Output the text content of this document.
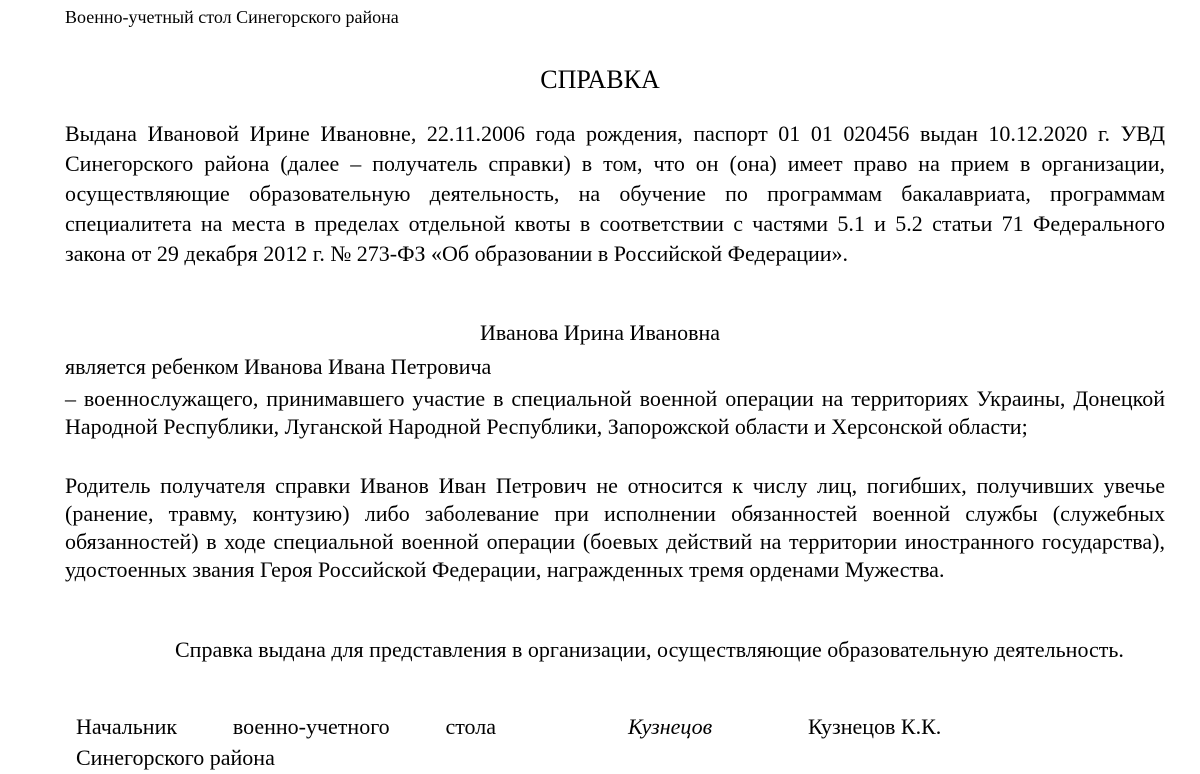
Военно-учетный стол Синегорского района
СПРАВКА
Выдана Ивановой Ирине Ивановне, 22.11.2006 года рождения, паспорт 01 01 020456 выдан 10.12.2020 г. УВД Синегорского района (далее – получатель справки) в том, что он (она) имеет право на прием в организации, осуществляющие образовательную деятельность, на обучение по программам бакалавриата, программам специалитета на места в пределах отдельной квоты в соответствии с частями 5.1 и 5.2 статьи 71 Федерального закона от 29 декабря 2012 г. № 273-ФЗ «Об образовании в Российской Федерации».
Иванова Ирина Ивановна
является ребенком Иванова Ивана Петровича
– военнослужащего, принимавшего участие в специальной военной операции на территориях Украины, Донецкой Народной Республики, Луганской Народной Республики, Запорожской области и Херсонской области;
Родитель получателя справки Иванов Иван Петрович не относится к числу лиц, погибших, получивших увечье (ранение, травму, контузию) либо заболевание при исполнении обязанностей военной службы (служебных обязанностей) в ходе специальной военной операции (боевых действий на территории иностранного государства), удостоенных звания Героя Российской Федерации, награжденных тремя орденами Мужества.
Справка выдана для представления в организации, осуществляющие образовательную деятельность.
Начальник военно-учетного стола Синегорского района
Кузнецов	Кузнецов К.К.
